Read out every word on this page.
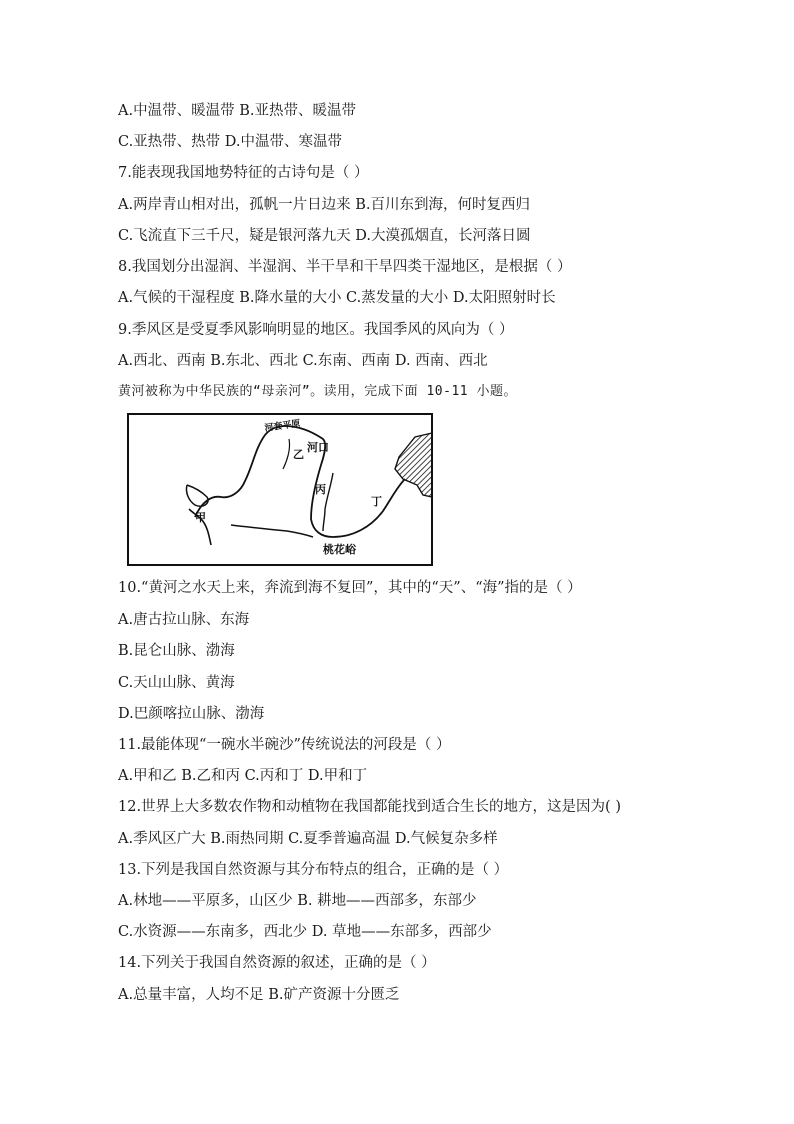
A.中温带、暖温带 B.亚热带、暖温带
C.亚热带、热带 D.中温带、寒温带
7.能表现我国地势特征的古诗句是（ ）
A.两岸青山相对出，孤帆一片日边来 B.百川东到海，何时复西归
C.飞流直下三千尺，疑是银河落九天 D.大漠孤烟直，长河落日圆
8.我国划分出湿润、半湿润、半干旱和干旱四类干湿地区，是根据（ ）
A.气候的干湿程度 B.降水量的大小 C.蒸发量的大小 D.太阳照射时长
9.季风区是受夏季风影响明显的地区。我国季风的风向为（ ）
A.西北、西南 B.东北、西北 C.东南、西南 D. 西南、西北
黄河被称为中华民族的“母亲河”。读用，完成下面 10-11 小题。
河套平原
乙
河口
丙
丁
甲
桃花峪
10.“黄河之水天上来，奔流到海不复回”，其中的“天”、“海”指的是（ ）
A.唐古拉山脉、东海
B.昆仑山脉、渤海
C.天山山脉、黄海
D.巴颜喀拉山脉、渤海
11.最能体现“一碗水半碗沙”传统说法的河段是（ ）
A.甲和乙 B.乙和丙 C.丙和丁 D.甲和丁
12.世界上大多数农作物和动植物在我国都能找到适合生长的地方，这是因为( )
A.季风区广大 B.雨热同期 C.夏季普遍高温 D.气候复杂多样
13.下列是我国自然资源与其分布特点的组合，正确的是（ ）
A.林地——平原多，山区少 B. 耕地——西部多，东部少
C.水资源——东南多，西北少 D. 草地——东部多，西部少
14.下列关于我国自然资源的叙述，正确的是（ ）
A.总量丰富，人均不足 B.矿产资源十分匮乏
